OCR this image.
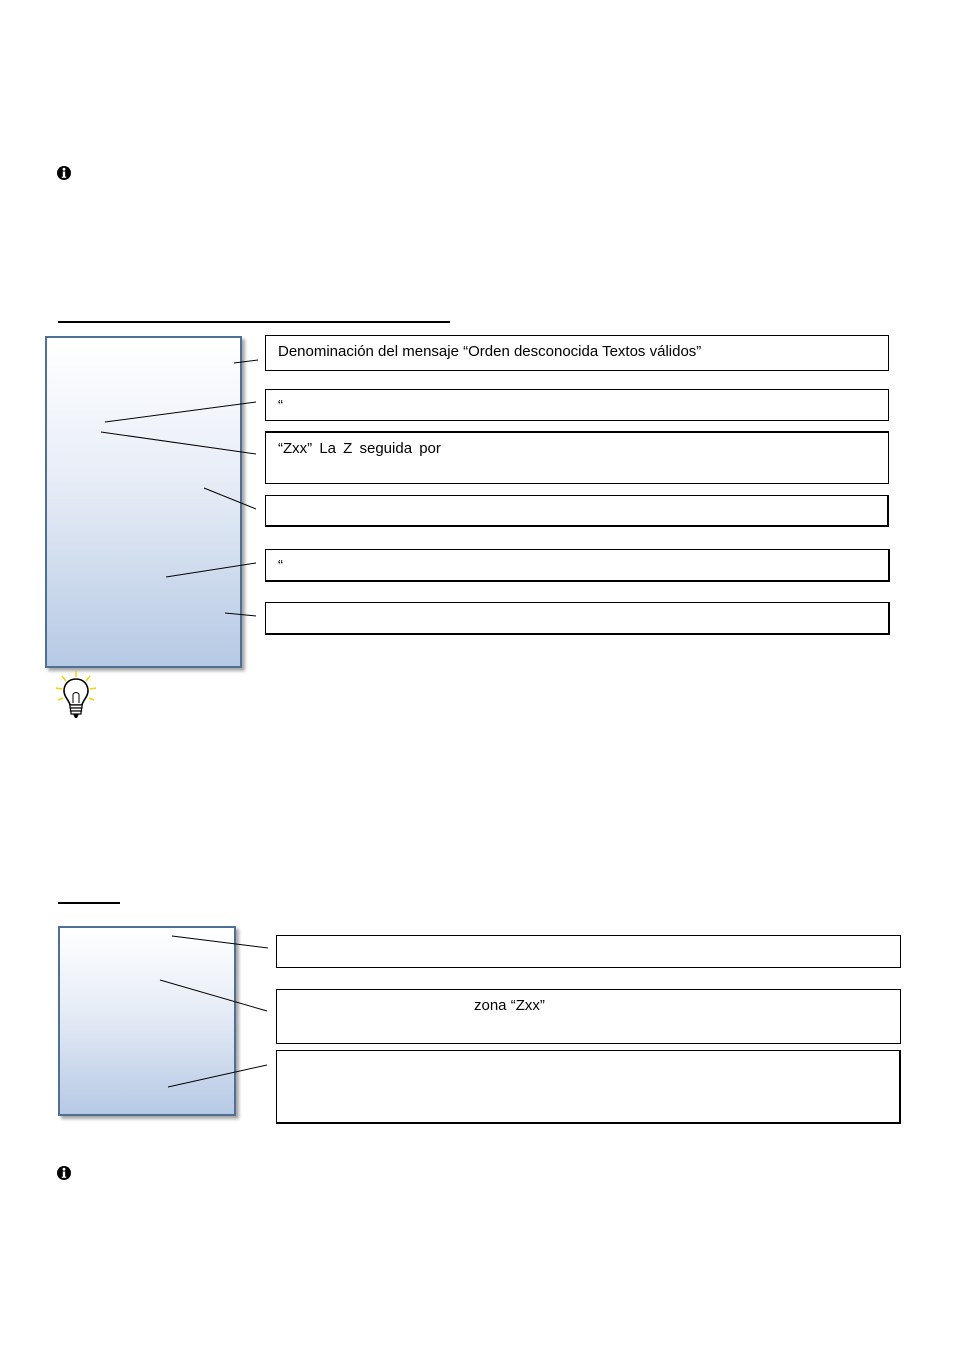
Denominación del mensaje “Orden desconocida Textos válidos”
“
“Zxx” La Z seguida por
“
zona “Zxx”
